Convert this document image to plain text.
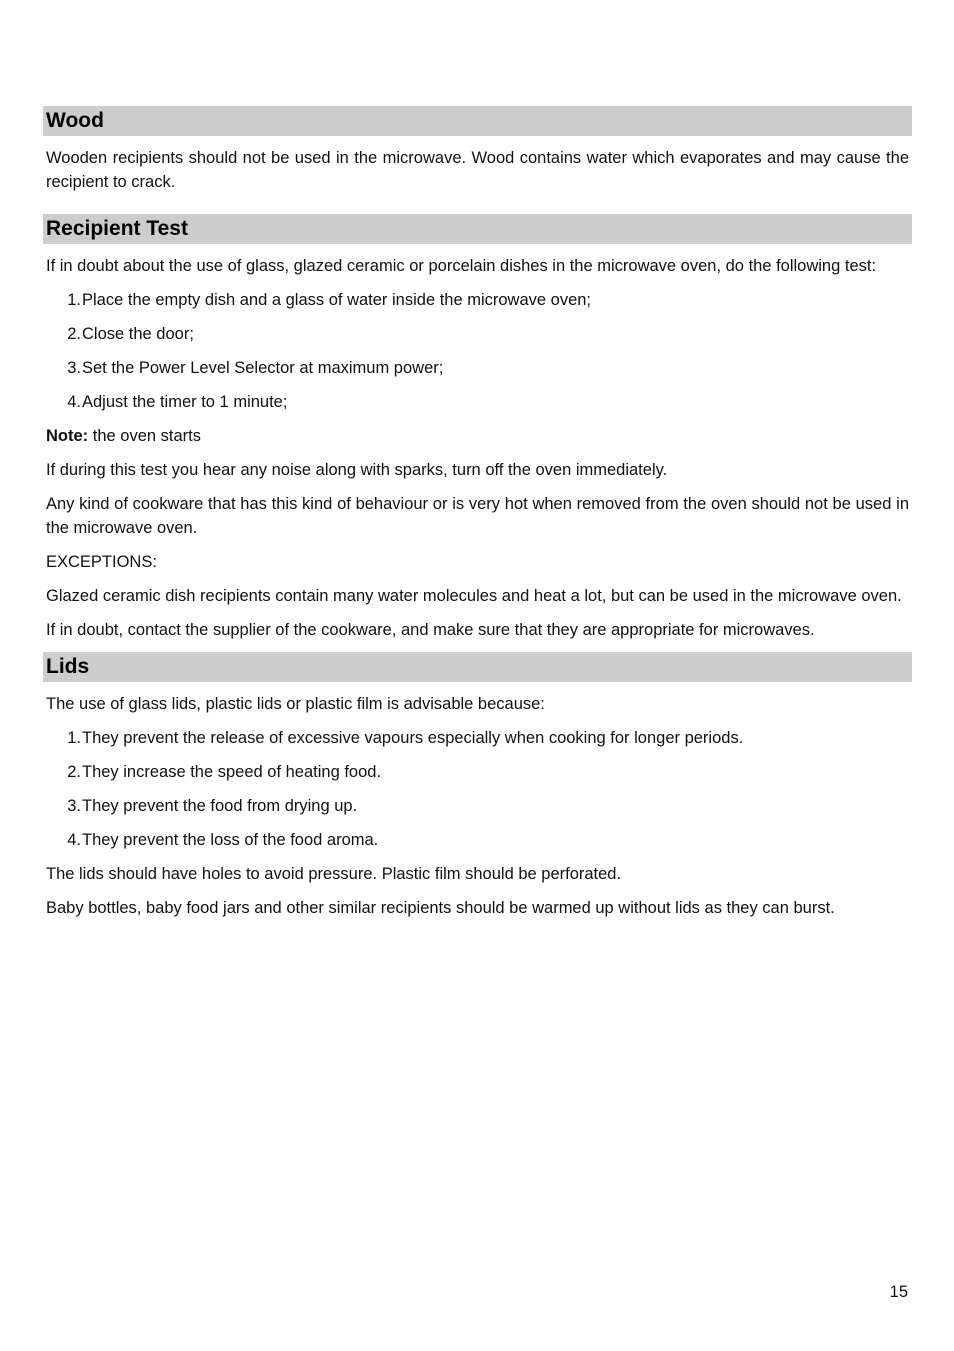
Wood

Wooden recipients should not be used in the microwave. Wood contains water which evaporates and may cause the recipient to crack.

Recipient Test

If in doubt about the use of glass, glazed ceramic or porcelain dishes in the microwave oven, do the following test:

1. Place the empty dish and a glass of water inside the microwave oven;
2. Close the door;
3. Set the Power Level Selector at maximum power;
4. Adjust the timer to 1 minute;

Note: the oven starts

If during this test you hear any noise along with sparks, turn off the oven immediately.

Any kind of cookware that has this kind of behaviour or is very hot when removed from the oven should not be used in the microwave oven.

EXCEPTIONS:

Glazed ceramic dish recipients contain many water molecules and heat a lot, but can be used in the microwave oven.

If in doubt, contact the supplier of the cookware, and make sure that they are appropriate for microwaves.

Lids

The use of glass lids, plastic lids or plastic film is advisable because:

1. They prevent the release of excessive vapours especially when cooking for longer periods.
2. They increase the speed of heating food.
3. They prevent the food from drying up.
4. They prevent the loss of the food aroma.

The lids should have holes to avoid pressure. Plastic film should be perforated.

Baby bottles, baby food jars and other similar recipients should be warmed up without lids as they can burst.

15
